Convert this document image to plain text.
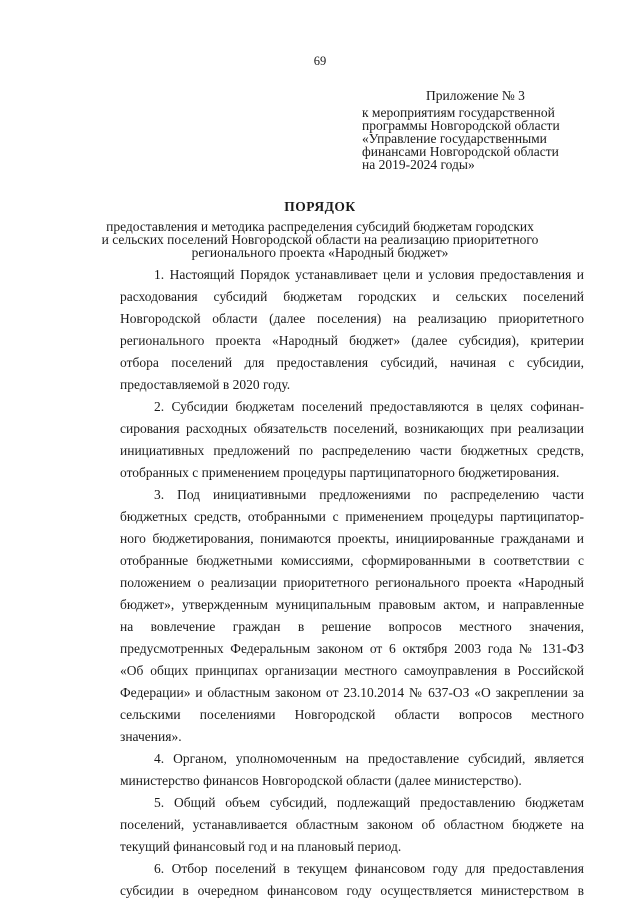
69
Приложение № 3
к мероприятиям государственной
программы Новгородской области
«Управление государственными
финансами Новгородской области
на 2019-2024 годы»
ПОРЯДОК
предоставления и методика распределения субсидий бюджетам городских
и сельских поселений Новгородской области на реализацию приоритетного
регионального проекта «Народный бюджет»
1. Настоящий Порядок устанавливает цели и условия предоставления и
расходования субсидий бюджетам городских и сельских поселений
Новгородской области (далее поселения) на реализацию приоритетного
регионального проекта «Народный бюджет» (далее субсидия), критерии
отбора поселений для предоставления субсидий, начиная с субсидии,
предоставляемой в 2020 году.
2. Субсидии бюджетам поселений предоставляются в целях софинан-
сирования расходных обязательств поселений, возникающих при реализации
инициативных предложений по распределению части бюджетных средств,
отобранных с применением процедуры партиципаторного бюджетирования.
3. Под инициативными предложениями по распределению части
бюджетных средств, отобранными с применением процедуры партиципатор-
ного бюджетирования, понимаются проекты, инициированные гражданами и
отобранные бюджетными комиссиями, сформированными в соответствии с
положением о реализации приоритетного регионального проекта «Народный
бюджет», утвержденным муниципальным правовым актом, и направленные
на вовлечение граждан в решение вопросов местного значения,
предусмотренных Федеральным законом от 6 октября 2003 года № 131-ФЗ
«Об общих принципах организации местного самоуправления в Российской
Федерации» и областным законом от 23.10.2014 № 637-ОЗ «О закреплении за
сельскими поселениями Новгородской области вопросов местного
значения».
4. Органом, уполномоченным на предоставление субсидий, является
министерство финансов Новгородской области (далее министерство).
5. Общий объем субсидий, подлежащий предоставлению бюджетам
поселений, устанавливается областным законом об областном бюджете на
текущий финансовый год и на плановый период.
6. Отбор поселений в текущем финансовом году для предоставления
субсидии в очередном финансовом году осуществляется министерством в
